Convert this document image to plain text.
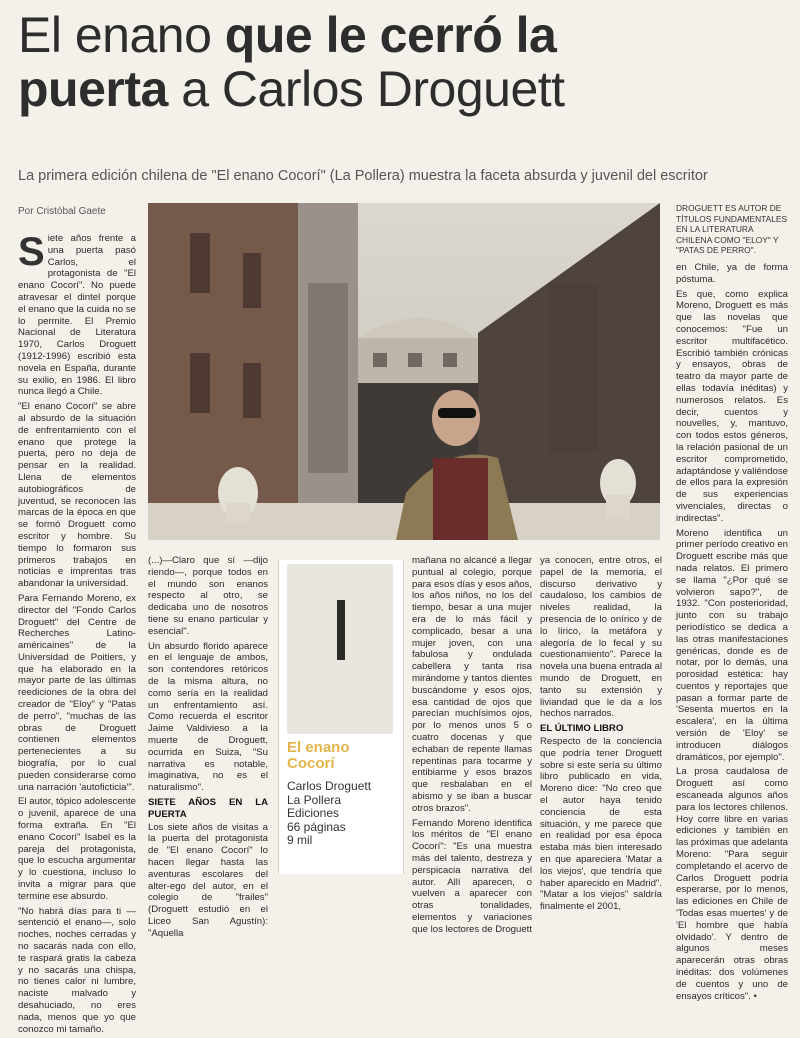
El enano que le cerró la
puerta a Carlos Droguett
La primera edición chilena de "El enano Cocorí" (La Pollera) muestra la faceta absurda y juvenil del escritor
Por Cristóbal Gaete	DROGUETT ES AUTOR DE TÍTULOS FUNDAMENTALES EN LA LITERATURA CHILENA COMO "ELOY" Y "PATAS DE PERRO".

Siete años frente a una puerta pasó Carlos, el protagonista de "El enano Cocorí". No puede atravesar el dintel porque el enano que la cuida no se lo permite. El Premio Nacional de Literatura 1970, Carlos Droguett (1912-1996) escribió esta novela en España, durante su exilio, en 1986. El libro nunca llegó a Chile.

"El enano Cocorí" se abre al absurdo de la situación de enfrentamiento con el enano que protege la puerta, pero no deja de pensar en la realidad. Llena de elementos autobiográficos de juventud, se reconocen las marcas de la época en que se formó Droguett como escritor y hombre. Su tiempo lo formaron sus primeros trabajos en noticias e imprentas tras abandonar la universidad.

Para Fernando Moreno, ex director del "Fondo Carlos Droguett" del Centre de Recherches Latino-américaines" de la Universidad de Poitiers, y que ha elaborado en la mayor parte de las últimas reediciones de la obra del creador de "Eloy" y "Patas de perro", "muchas de las obras de Droguett contienen elementos pertenecientes a su biografía, por lo cual pueden considerarse como una narración 'autoficticia'".

El autor, tópico adolescente o juvenil, aparece de una forma extraña. En "El enano Cocorí" Isabel es la pareja del protagonista, que lo escucha argumentar y lo cuestiona, incluso lo invita a migrar para que termine ese absurdo.

"No habrá días para ti —sentenció el enano—, solo noches, noches cerradas y no sacarás nada con ello, te raspará gratis la cabeza y no sacarás una chispa, no tienes calor ni lumbre, naciste malvado y desahuciado, no eres nada, menos que yo que conozco mi tamaño.

(...)—Claro que sí —dijo riendo—, porque todos en el mundo son enanos respecto al otro, se dedicaba uno de nosotros tiene su enano particular y esencial".

Un absurdo florido aparece en el lenguaje de ambos, son contendores retóricos de la misma altura, no como sería en la realidad un enfrentamiento así. Como recuerda el escritor Jaime Valdivieso a la muerte de Droguett, ocurrida en Suiza, "Su narrativa es notable, imaginativa, no es el naturalismo".

SIETE AÑOS EN LA PUERTA

Los siete años de visitas a la puerta del protagonista de "El enano Cocorí" lo hacen llegar hasta las aventuras escolares del alter-ego del autor, en el colegio de "frailes" (Droguett estudió en el Liceo San Agustín): "Aquella

El enano
Cocorí
Carlos Droguett
La Pollera
Ediciones
66 páginas
9 mil

mañana no alcancé a llegar puntual al colegio, porque para esos días y esos años, los años niños, no los del tiempo, besar a una mujer era de lo más fácil y complicado, besar a una mujer joven, con una fabulosa y ondulada cabellera y tanta risa mirándome y tantos dientes buscándome y esos ojos, esa cantidad de ojos que parecían muchísimos ojos, por lo menos unos 5 o cuatro docenas y que echaban de repente llamas repentinas para tocarme y entibiarme y esos brazos que resbalaban en el abismo y se iban a buscar otros brazos".

Fernando Moreno identifica los méritos de "El enano Cocorí": "Es una muestra más del talento, destreza y perspicacia narrativa del autor. Allí aparecen, o vuelven a aparecer con otras tonalidades, elementos y variaciones que los lectores de Droguett

ya conocen, entre otros, el papel de la memoria, el discurso derivativo y caudaloso, los cambios de niveles realidad, la presencia de lo onírico y de lo lírico, la metáfora y alegoría de lo fecal y su cuestionamiento". Parece la novela una buena entrada al mundo de Droguett, en tanto su extensión y liviandad que le da a los hechos narrados.

EL ÚLTIMO LIBRO

Respecto de la conciencia que podría tener Droguett sobre si este sería su último libro publicado en vida, Moreno dice: "No creo que el autor haya tenido conciencia de esta situación, y me parece que en realidad por esa época estaba más bien interesado en que apareciera 'Matar a los viejos', que tendría que haber aparecido en Madrid". "Matar a los viejos" saldría finalmente el 2001,

en Chile, ya de forma póstuma.

Es que, como explica Moreno, Droguett es más que las novelas que conocemos: "Fue un escritor multifacético. Escribió también crónicas y ensayos, obras de teatro da mayor parte de ellas todavía inéditas) y numerosos relatos. Es decir, cuentos y nouvelles, y, mantuvo, con todos estos géneros, la relación pasional de un escritor comprometido, adaptándose y valiéndose de ellos para la expresión de sus experiencias vivenciales, directas o indirectas".

Moreno identifica un primer período creativo en Droguett escribe más que nada relatos. El primero se llama "¿Por qué se volvieron sapo?", de 1932. "Con posterioridad, junto con su trabajo periodístico se dedica a las otras manifestaciones genéricas, donde es de notar, por lo demás, una porosidad estética: hay cuentos y reportajes que pasan a formar parte de 'Sesenta muertos en la escalera', en la última versión de 'Eloy' se introducen diálogos dramáticos, por ejemplo".

La prosa caudalosa de Droguett así como escaneada algunos años para los lectores chilenos. Hoy corre libre en varias ediciones y también en las próximas que adelanta Moreno: "Para seguir completando el acervo de Carlos Droguett podría esperarse, por lo menos, las ediciones en Chile de 'Todas esas muertes' y de 'El hombre que había olvidado'. Y dentro de algunos meses aparecerán otras obras inéditas: dos volúmenes de cuentos y uno de ensayos críticos". •
